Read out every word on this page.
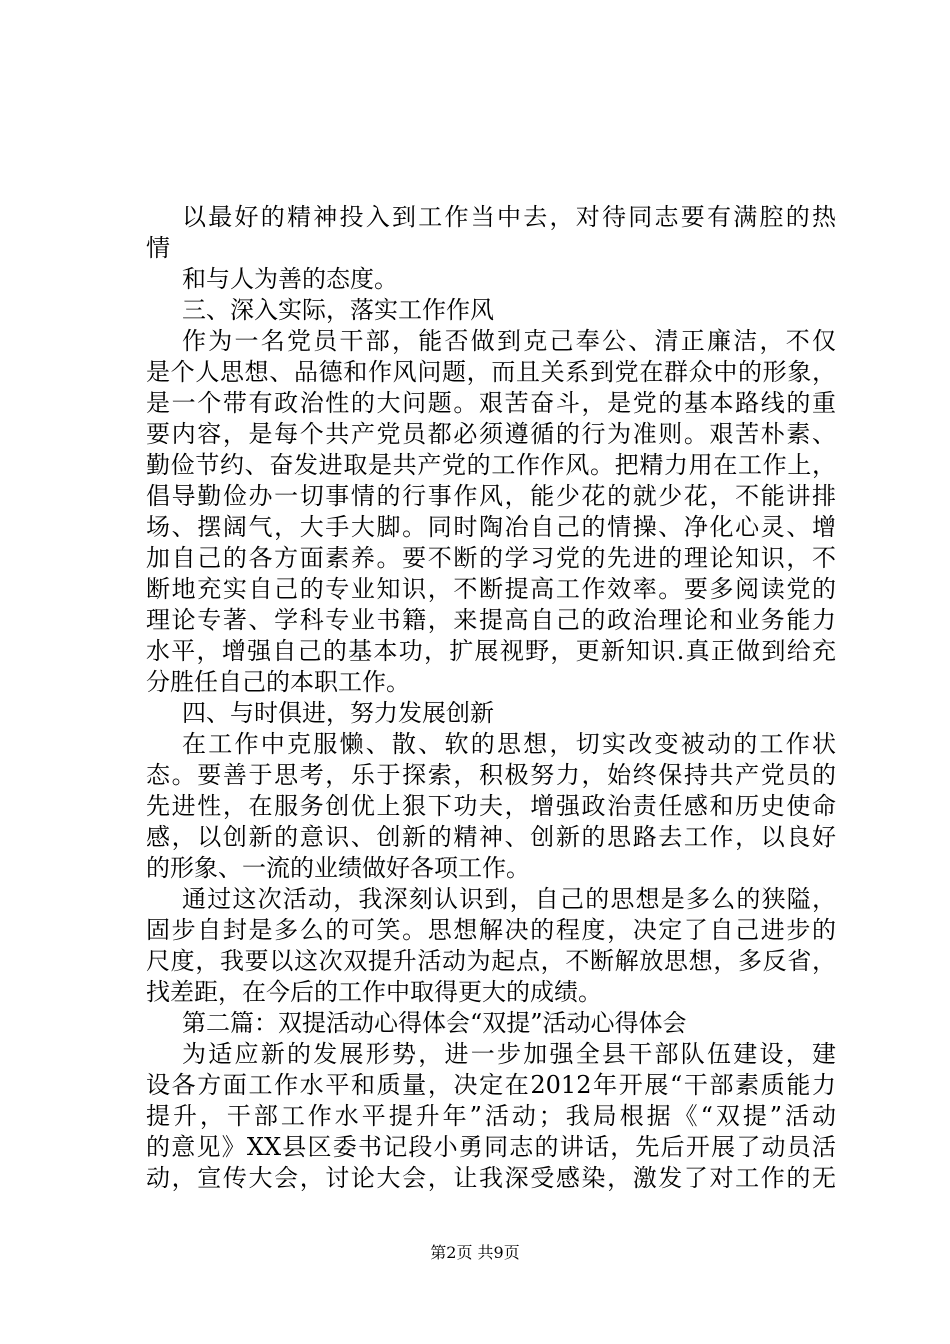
以最好的精神投入到工作当中去，对待同志要有满腔的热
情
和与人为善的态度。
三、深入实际，落实工作作风
作为一名党员干部，能否做到克己奉公、清正廉洁，不仅
是个人思想、品德和作风问题，而且关系到党在群众中的形象，
是一个带有政治性的大问题。艰苦奋斗，是党的基本路线的重
要内容，是每个共产党员都必须遵循的行为准则。艰苦朴素、
勤俭节约、奋发进取是共产党的工作作风。把精力用在工作上，
倡导勤俭办一切事情的行事作风，能少花的就少花，不能讲排
场、摆阔气，大手大脚。同时陶冶自己的情操、净化心灵、增
加自己的各方面素养。要不断的学习党的先进的理论知识，不
断地充实自己的专业知识，不断提高工作效率。要多阅读党的
理论专著、学科专业书籍，来提高自己的政治理论和业务能力
水平，增强自己的基本功，扩展视野，更新知识.真正做到给充
分胜任自己的本职工作。
四、与时俱进，努力发展创新
在工作中克服懒、散、软的思想，切实改变被动的工作状
态。要善于思考，乐于探索，积极努力，始终保持共产党员的
先进性，在服务创优上狠下功夫，增强政治责任感和历史使命
感，以创新的意识、创新的精神、创新的思路去工作，以良好
的形象、一流的业绩做好各项工作。
通过这次活动，我深刻认识到，自己的思想是多么的狭隘，
固步自封是多么的可笑。思想解决的程度，决定了自己进步的
尺度，我要以这次双提升活动为起点，不断解放思想，多反省，
找差距，在今后的工作中取得更大的成绩。
第二篇：双提活动心得体会“双提”活动心得体会
为适应新的发展形势，进一步加强全县干部队伍建设，建
设各方面工作水平和质量，决定在2012年开展“干部素质能力
提升，干部工作水平提升年”活动；我局根据《“双提”活动
的意见》XX县区委书记段小勇同志的讲话，先后开展了动员活
动，宣传大会，讨论大会，让我深受感染，激发了对工作的无
第2页 共9页
